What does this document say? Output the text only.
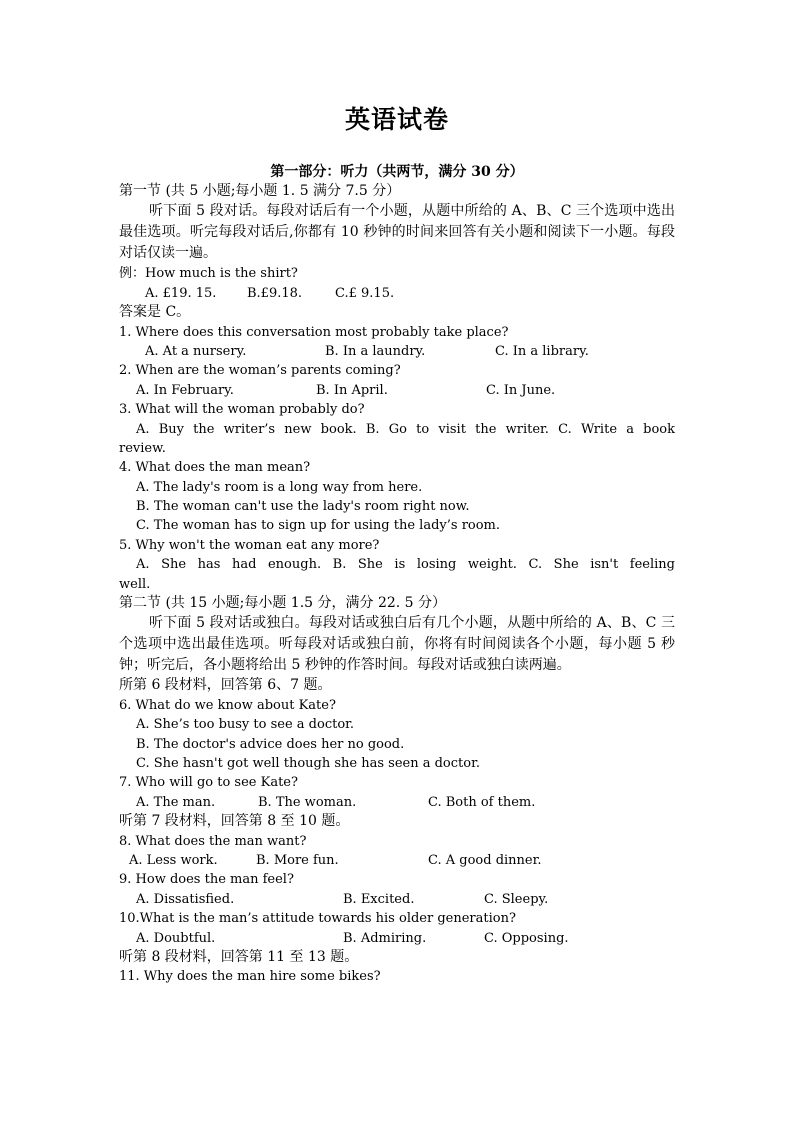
英语试卷
第一部分：听力（共两节，满分 30 分）
第一节 (共 5 小题;每小题 1. 5 满分 7.5 分）

听下面 5 段对话。每段对话后有一个小题，从题中所给的 A、B、C 三个选项中选出最佳选项。听完每段对话后,你都有 10 秒钟的时间来回答有关小题和阅读下一小题。每段对话仅读一遍。

例：How much is the shirt?
A. £19. 15. B.£9.18.	C.£ 9.15.
答案是 C。
1. Where does this conversation most probably take place?
A. At a nursery.	B. In a laundry.	C. In a library.
2. When are the woman’s parents coming?
A. In February.	B. In April.	C. In June.
3. What will the woman probably do?
A. Buy the writer’s new book. B. Go to visit the writer. C. Write a book
review.
4. What does the man mean?
A. The lady's room is a long way from here.
B. The woman can't use the lady's room right now.
C. The woman has to sign up for using the lady’s room.
5. Why won't the woman eat any more?
A. She has had enough. B. She is losing weight. C. She isn't feeling
well.
第二节 (共 15 小题;每小题 1.5 分，满分 22. 5 分）

听下面 5 段对话或独白。每段对话或独白后有几个小题，从题中所给的 A、B、C 三个选项中选出最佳选项。听每段对话或独白前，你将有时间阅读各个小题，每小题 5 秒钟；听完后，各小题将给出 5 秒钟的作答时间。每段对话或独白读两遍。

所第 6 段材料，回答第 6、7 题。
6. What do we know about Kate?
A. She’s too busy to see a doctor.
B. The doctor's advice does her no good.
C. She hasn't got well though she has seen a doctor.
7. Who will go to see Kate?
A. The man.	B. The woman.	C. Both of them.
听第 7 段材料，回答第 8 至 10 题。
8. What does the man want?
A. Less work.	B. More fun.	C. A good dinner.
9. How does the man feel?
A. Dissatisfied.	B. Excited.	C. Sleepy.
10.What is the man’s attitude towards his older generation?
A. Doubtful.	B. Admiring.	C. Opposing.
听第 8 段材料，回答第 11 至 13 题。
11. Why does the man hire some bikes?
